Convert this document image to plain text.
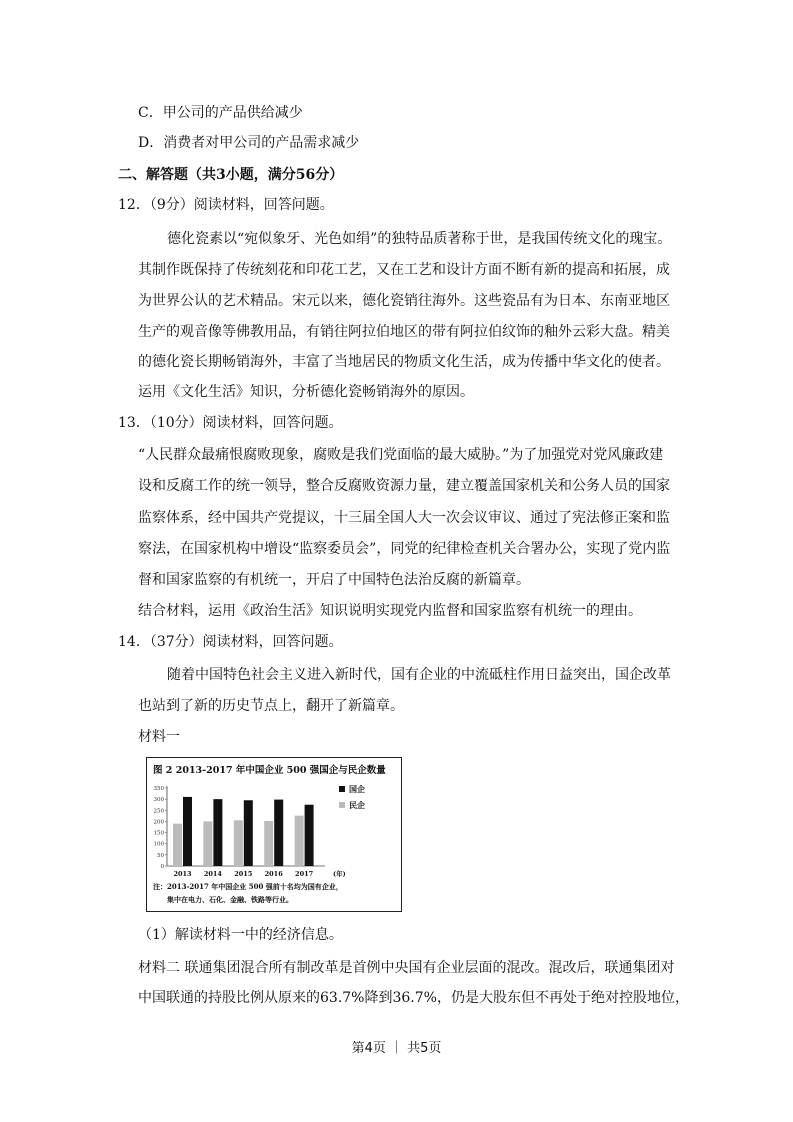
C．甲公司的产品供给减少
D．消费者对甲公司的产品需求减少
二、解答题（共3小题，满分56分）
12．（9分）阅读材料，回答问题。
德化瓷素以“宛似象牙、光色如绢”的独特品质著称于世，是我国传统文化的瑰宝。
其制作既保持了传统刻花和印花工艺，又在工艺和设计方面不断有新的提高和拓展，成
为世界公认的艺术精品。宋元以来，德化瓷销往海外。这些瓷品有为日本、东南亚地区
生产的观音像等佛教用品，有销往阿拉伯地区的带有阿拉伯纹饰的釉外云彩大盘。精美
的德化瓷长期畅销海外，丰富了当地居民的物质文化生活，成为传播中华文化的使者。
运用《文化生活》知识，分析德化瓷畅销海外的原因。
13．（10分）阅读材料，回答问题。
“人民群众最痛恨腐败现象，腐败是我们党面临的最大威胁。”为了加强党对党风廉政建
设和反腐工作的统一领导，整合反腐败资源力量，建立覆盖国家机关和公务人员的国家
监察体系，经中国共产党提议，十三届全国人大一次会议审议、通过了宪法修正案和监
察法，在国家机构中增设“监察委员会”，同党的纪律检查机关合署办公，实现了党内监
督和国家监察的有机统一，开启了中国特色法治反腐的新篇章。
结合材料，运用《政治生活》知识说明实现党内监督和国家监察有机统一的理由。
14．（37分）阅读材料，回答问题。
随着中国特色社会主义进入新时代，国有企业的中流砥柱作用日益突出，国企改革
也站到了新的历史节点上，翻开了新篇章。
材料一
图 2 2013-2017 年中国企业 500 强国企与民企数量
0
50
100
150
200
250
300
350
2013 2014 2015 2016 2017	(年)
国企
民企
注：2013-2017 年中国企业 500 强前十名均为国有企业，
集中在电力、石化、金融、铁路等行业。
（1）解读材料一中的经济信息。
材料二 联通集团混合所有制改革是首例中央国有企业层面的混改。混改后，联通集团对
中国联通的持股比例从原来的63.7%降到36.7%，仍是大股东但不再处于绝对控股地位，
第4页 ｜ 共5页
